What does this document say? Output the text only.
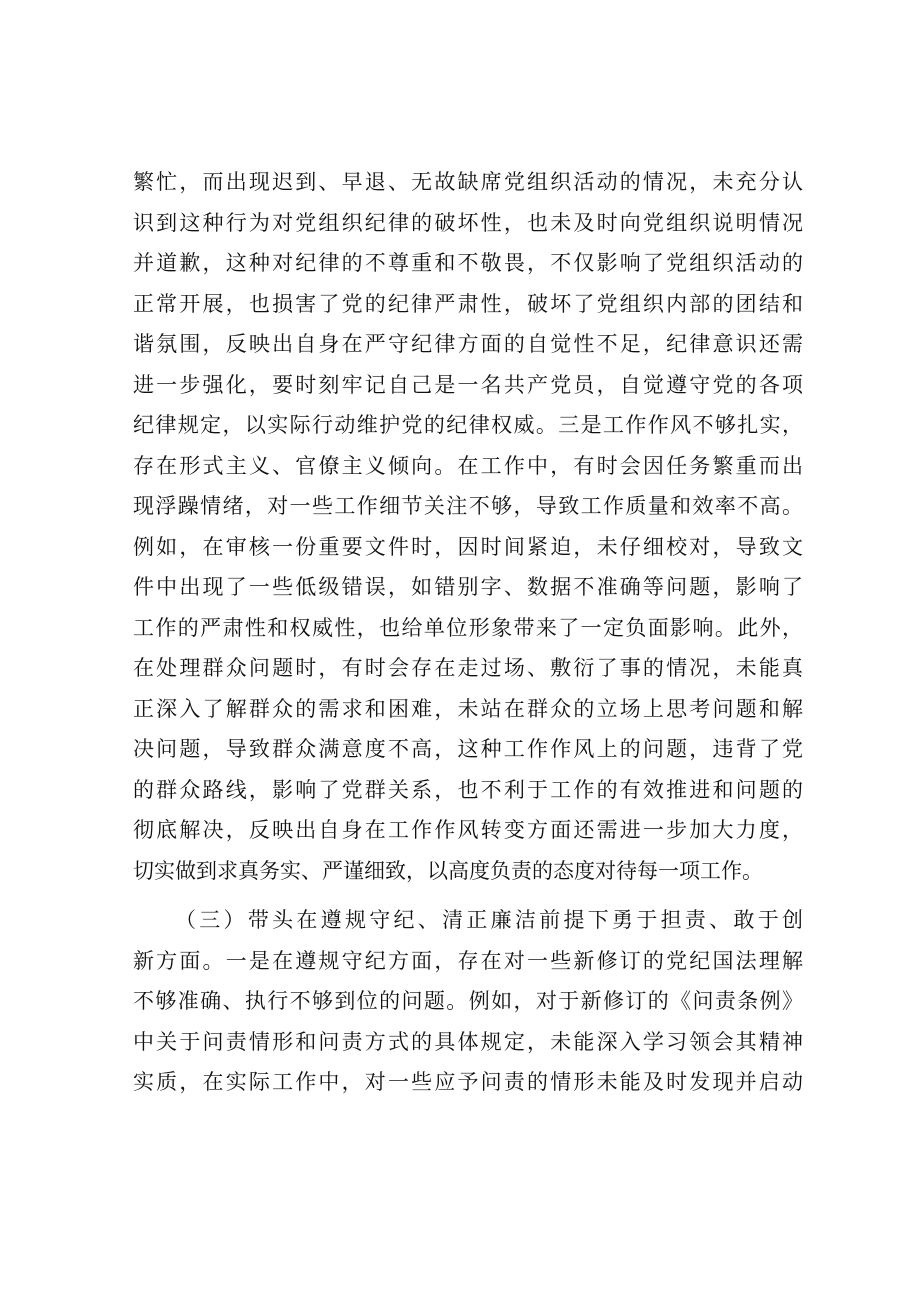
繁忙，而出现迟到、早退、无故缺席党组织活动的情况，未充分认
识到这种行为对党组织纪律的破坏性，也未及时向党组织说明情况
并道歉，这种对纪律的不尊重和不敬畏，不仅影响了党组织活动的
正常开展，也损害了党的纪律严肃性，破坏了党组织内部的团结和
谐氛围，反映出自身在严守纪律方面的自觉性不足，纪律意识还需
进一步强化，要时刻牢记自己是一名共产党员，自觉遵守党的各项
纪律规定，以实际行动维护党的纪律权威。三是工作作风不够扎实，
存在形式主义、官僚主义倾向。在工作中，有时会因任务繁重而出
现浮躁情绪，对一些工作细节关注不够，导致工作质量和效率不高。
例如，在审核一份重要文件时，因时间紧迫，未仔细校对，导致文
件中出现了一些低级错误，如错别字、数据不准确等问题，影响了
工作的严肃性和权威性，也给单位形象带来了一定负面影响。此外，
在处理群众问题时，有时会存在走过场、敷衍了事的情况，未能真
正深入了解群众的需求和困难，未站在群众的立场上思考问题和解
决问题，导致群众满意度不高，这种工作作风上的问题，违背了党
的群众路线，影响了党群关系，也不利于工作的有效推进和问题的
彻底解决，反映出自身在工作作风转变方面还需进一步加大力度，
切实做到求真务实、严谨细致，以高度负责的态度对待每一项工作。
（三）带头在遵规守纪、清正廉洁前提下勇于担责、敢于创
新方面。一是在遵规守纪方面，存在对一些新修订的党纪国法理解
不够准确、执行不够到位的问题。例如，对于新修订的《问责条例》
中关于问责情形和问责方式的具体规定，未能深入学习领会其精神
实质，在实际工作中，对一些应予问责的情形未能及时发现并启动
